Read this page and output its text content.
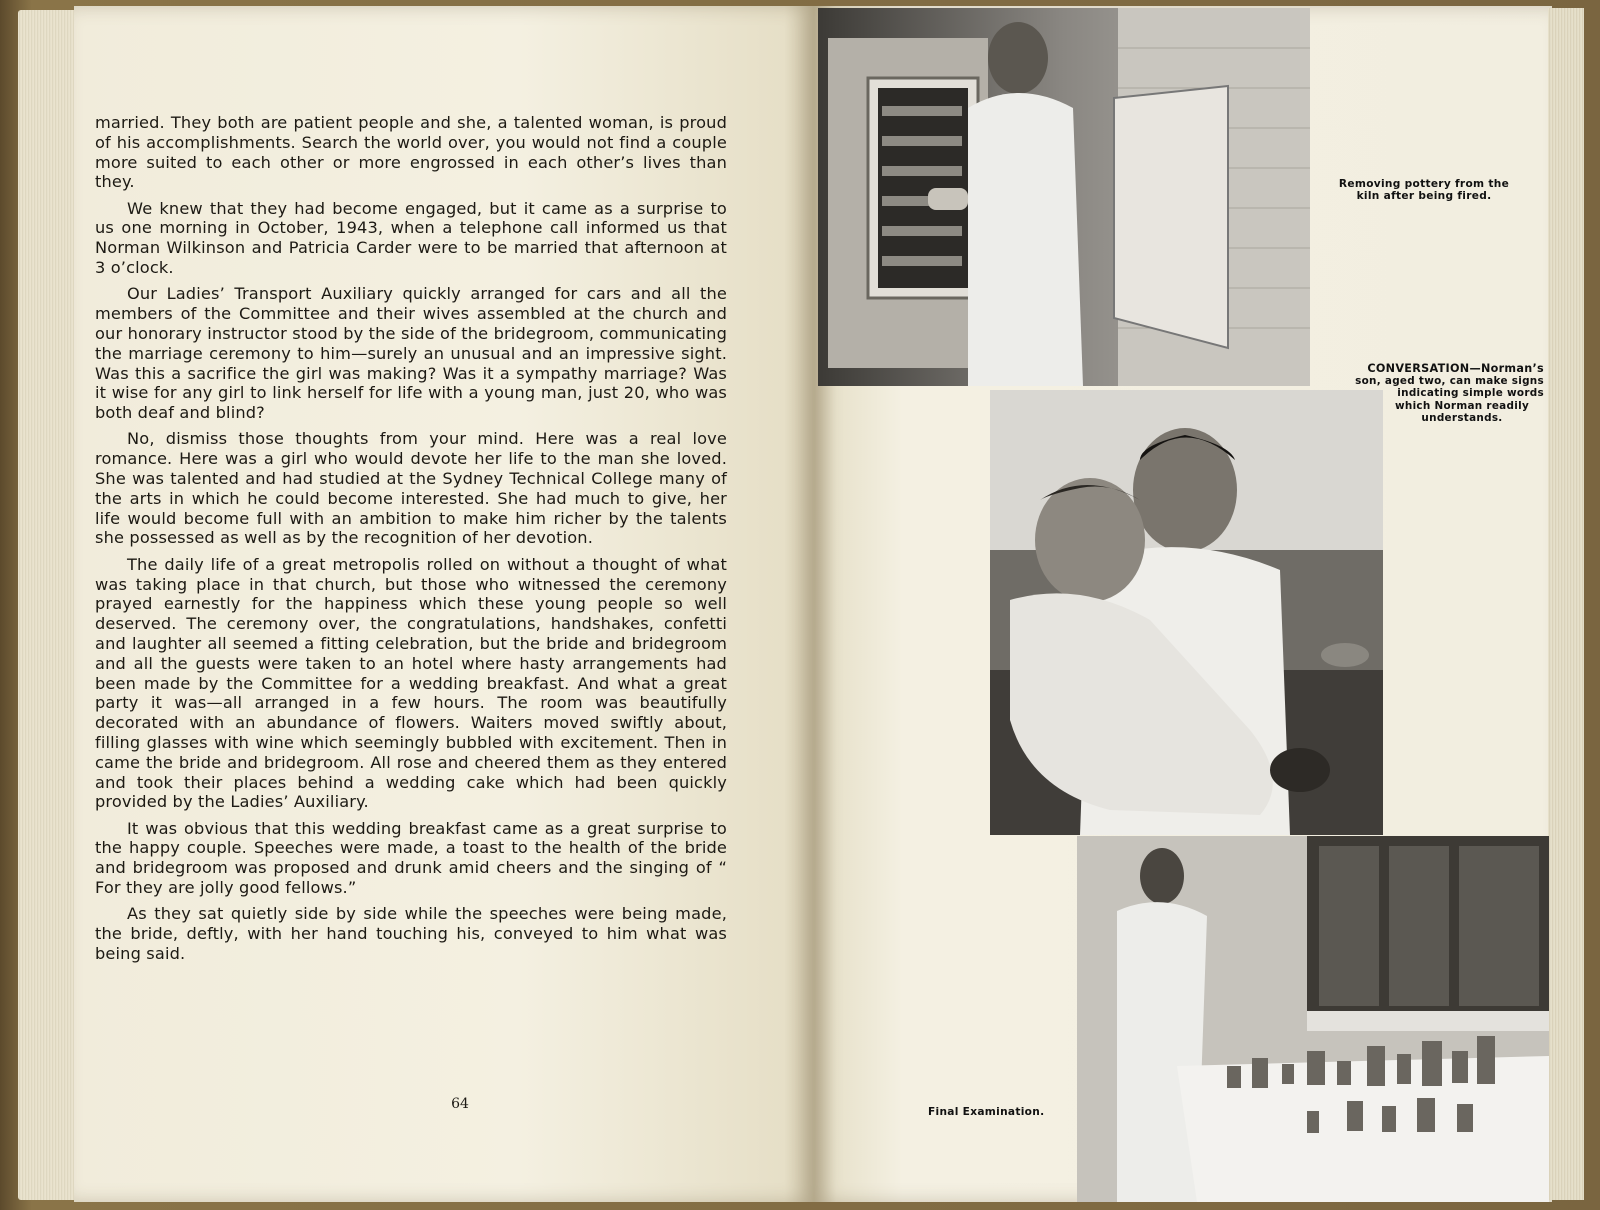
married. They both are patient people and she, a talented woman, is proud of his accomplishments. Search the world over, you would not find a couple more suited to each other or more engrossed in each other’s lives than they.

We knew that they had become engaged, but it came as a surprise to us one morning in October, 1943, when a telephone call informed us that Norman Wilkinson and Patricia Carder were to be married that afternoon at 3 o’clock.

Our Ladies’ Transport Auxiliary quickly arranged for cars and all the members of the Committee and their wives assembled at the church and our honorary instructor stood by the side of the bridegroom, communicating the marriage ceremony to him—surely an unusual and an impressive sight. Was this a sacrifice the girl was making? Was it a sympathy marriage? Was it wise for any girl to link herself for life with a young man, just 20, who was both deaf and blind?

No, dismiss those thoughts from your mind. Here was a real love romance. Here was a girl who would devote her life to the man she loved. She was talented and had studied at the Sydney Technical College many of the arts in which he could become interested. She had much to give, her life would become full with an ambition to make him richer by the talents she possessed as well as by the recognition of her devotion.

The daily life of a great metropolis rolled on without a thought of what was taking place in that church, but those who witnessed the ceremony prayed earnestly for the happiness which these young people so well deserved. The ceremony over, the congratulations, handshakes, confetti and laughter all seemed a fitting celebration, but the bride and bridegroom and all the guests were taken to an hotel where hasty arrangements had been made by the Committee for a wedding breakfast. And what a great party it was—all arranged in a few hours. The room was beautifully decorated with an abundance of flowers. Waiters moved swiftly about, filling glasses with wine which seemingly bubbled with excitement. Then in came the bride and bridegroom. All rose and cheered them as they entered and took their places behind a wedding cake which had been quickly provided by the Ladies’ Auxiliary.

It was obvious that this wedding breakfast came as a great surprise to the happy couple. Speeches were made, a toast to the health of the bride and bridegroom was proposed and drunk amid cheers and the singing of “ For they are jolly good fellows.”

As they sat quietly side by side while the speeches were being made, the bride, deftly, with her hand touching his, conveyed to him what was being said.

64
Removing pottery from the
kiln after being fired.
CONVERSATION—Norman’s
son, aged two, can make signs
indicating simple words
which Norman readily
understands.
Final Examination.
